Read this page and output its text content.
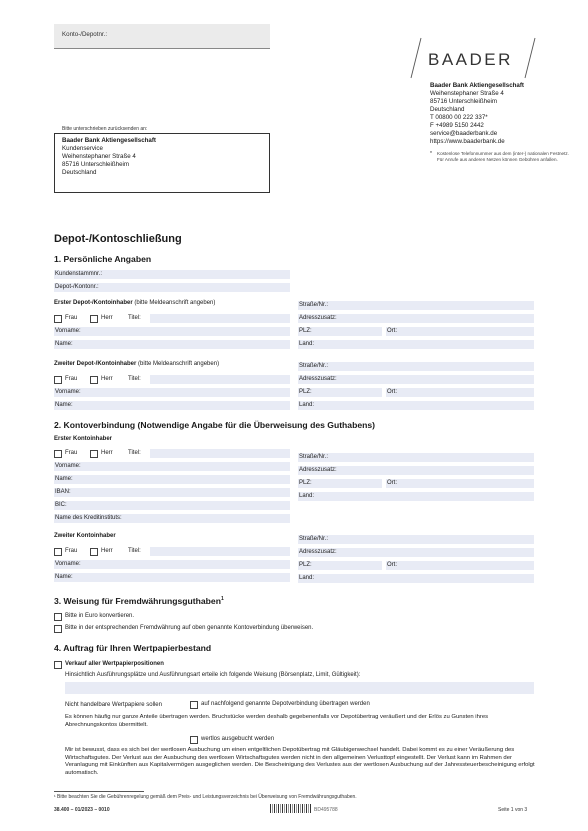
Konto-/Depotnr.:
BAADER
Baader Bank Aktiengesellschaft
Weihenstephaner Straße 4
85716 Unterschleißheim
Deutschland
T 00800 00 222 337*
F +4989 5150 2442
service@baaderbank.de
https://www.baaderbank.de
*	Kostenlose Telefonnummer aus dem (inter-) nationalen Festnetz. Für Anrufe aus anderen Netzen können Gebühren anfallen.
Bitte unterschrieben zurücksenden an:
Baader Bank Aktiengesellschaft
Kundenservice
Weihenstephaner Straße 4
85716 Unterschleißheim
Deutschland
Depot-/Kontoschließung
1. Persönliche Angaben
Kundenstammnr.:
Depot-/Kontonr.:
Erster Depot-/Kontoinhaber (bitte Meldeanschrift angeben)
Frau	Herr	Titel:
Vorname:
Name:
Straße/Nr.:
Adresszusatz:
PLZ:	Ort:
Land:
Zweiter Depot-/Kontoinhaber (bitte Meldeanschrift angeben)
Frau	Herr	Titel:
Vorname:
Name:
Straße/Nr.:
Adresszusatz:
PLZ:	Ort:
Land:
2. Kontoverbindung (Notwendige Angabe für die Überweisung des Guthabens)
Erster Kontoinhaber
Frau	Herr	Titel:
Vorname:
Name:
IBAN:
BIC:
Name des Kreditinstituts:
Straße/Nr.:
Adresszusatz:
PLZ:	Ort:
Land:
Zweiter Kontoinhaber
Frau	Herr	Titel:
Vorname:
Name:
Straße/Nr.:
Adresszusatz:
PLZ:	Ort:
Land:
3. Weisung für Fremdwährungsguthaben$^1$
Bitte in Euro konvertieren.
Bitte in der entsprechenden Fremdwährung auf oben genannte Kontoverbindung überweisen.
4. Auftrag für Ihren Wertpapierbestand
Verkauf aller Wertpapierpositionen
Hinsichtlich Ausführungsplätze und Ausführungsart erteile ich folgende Weisung (Börsenplatz, Limit, Gültigkeit):
Nicht handelbare Wertpapiere sollen	auf nachfolgend genannte Depotverbindung übertragen werden
Es können häufig nur ganze Anteile übertragen werden. Bruchstücke werden deshalb gegebenenfalls vor Depotübertrag veräußert und der Erlös zu Gunsten ihres Abrechnungskontos übermittelt.
wertlos ausgebucht werden
Mir ist bewusst, dass es sich bei der wertlosen Ausbuchung um einen entgeltlichen Depotübertrag mit Gläubigerwechsel handelt. Dabei kommt es zu einer Veräußerung des Wirtschaftsgutes. Der Verlust aus der Ausbuchung des wertlosen Wirtschaftsgutes werden nicht in den allgemeinen Verlusttopf eingestellt. Der Verlust kann im Rahmen der Veranlagung mit Einkünften aus Kapitalvermögen ausgeglichen werden. Die Bescheinigung des Verlustes aus der wertlosen Ausbuchung auf der Jahressteuerbescheinigung erfolgt automatisch.
¹ Bitte beachten Sie die Gebührenregelung gemäß dem Preis- und Leistungsverzeichnis bei Überweisung von Fremdwährungsguthaben.
38.400 – 01/2023 – 0010	BD495788	Seite 1 von 3
